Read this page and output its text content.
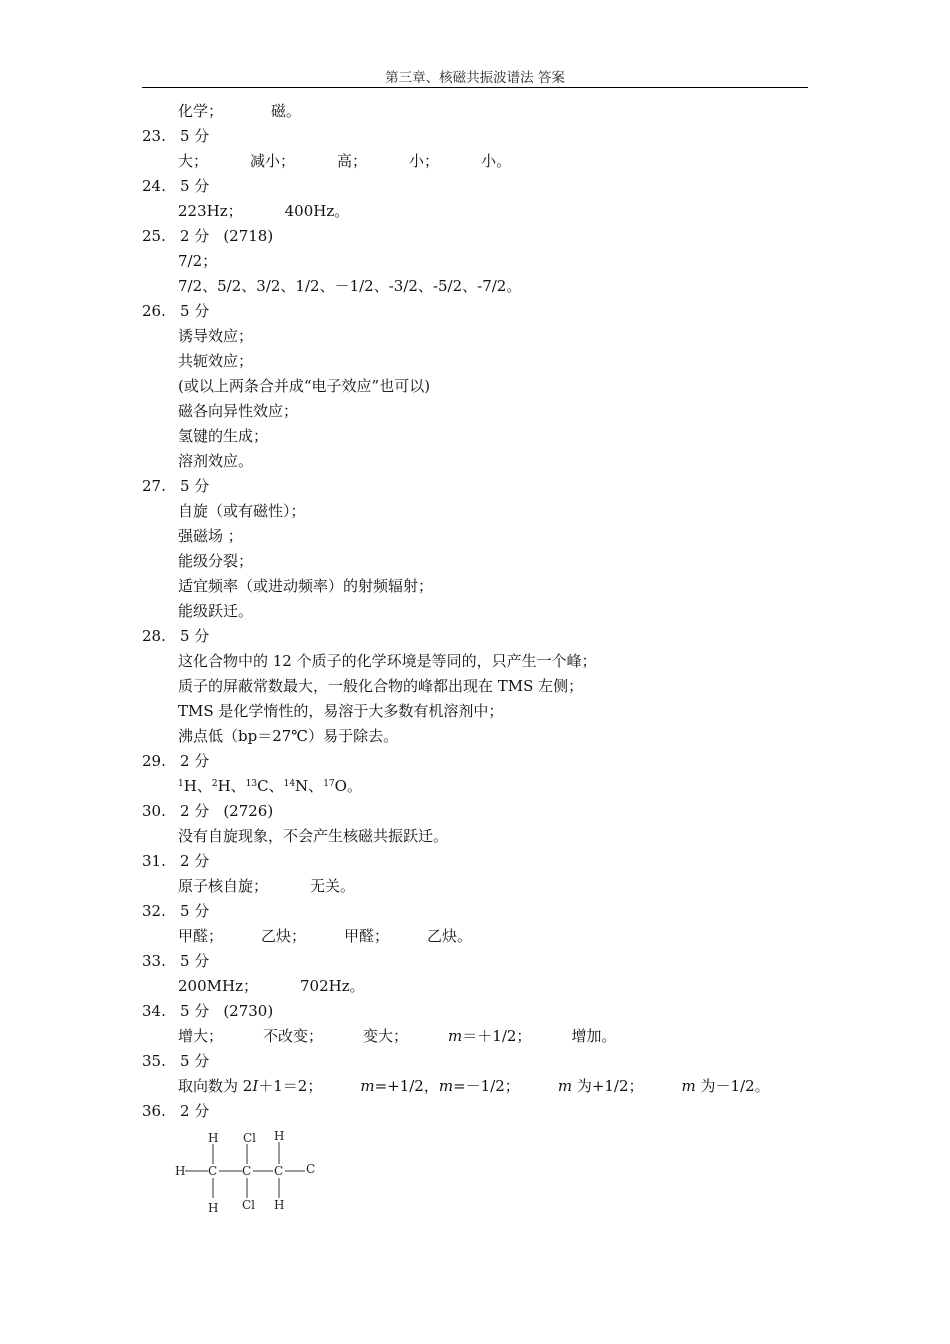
第三章、核磁共振波谱法 答案
化学；	磁。
23. 5 分
大；	减小；	高；	小；	小。
24. 5 分
223Hz；	400Hz。
25. 2 分 (2718)
7/2；
7/2、5/2、3/2、1/2、－1/2、-3/2、-5/2、-7/2。
26. 5 分
诱导效应；
共轭效应；
(或以上两条合并成“电子效应”也可以)
磁各向异性效应；
氢键的生成；
溶剂效应。
27. 5 分
自旋（或有磁性）；
强磁场 ；
能级分裂；
适宜频率（或进动频率）的射频辐射；
能级跃迁。
28. 5 分
这化合物中的 12 个质子的化学环境是等同的，只产生一个峰；
质子的屏蔽常数最大，一般化合物的峰都出现在 TMS 左侧；
TMS 是化学惰性的，易溶于大多数有机溶剂中；
沸点低（bp＝27℃）易于除去。
29. 2 分
$^1$H、$^2$H、$^{13}$C、$^{14}$N、$^{17}$O。
30. 2 分 (2726)
没有自旋现象，不会产生核磁共振跃迁。
31. 2 分
原子核自旋；	无关。
32. 5 分
甲醛；	乙炔；	甲醛；	乙炔。
33. 5 分
200MHz；	702Hz。
34. 5 分 (2730)
增大；	不改变；	变大；	m＝＋1/2；	增加。
35. 5 分
取向数为 2I＋1＝2；	m=+1/2，m=－1/2；	m 为+1/2；	m 为－1/2。
36. 2 分
H Cl H
H C C C C
H Cl H
